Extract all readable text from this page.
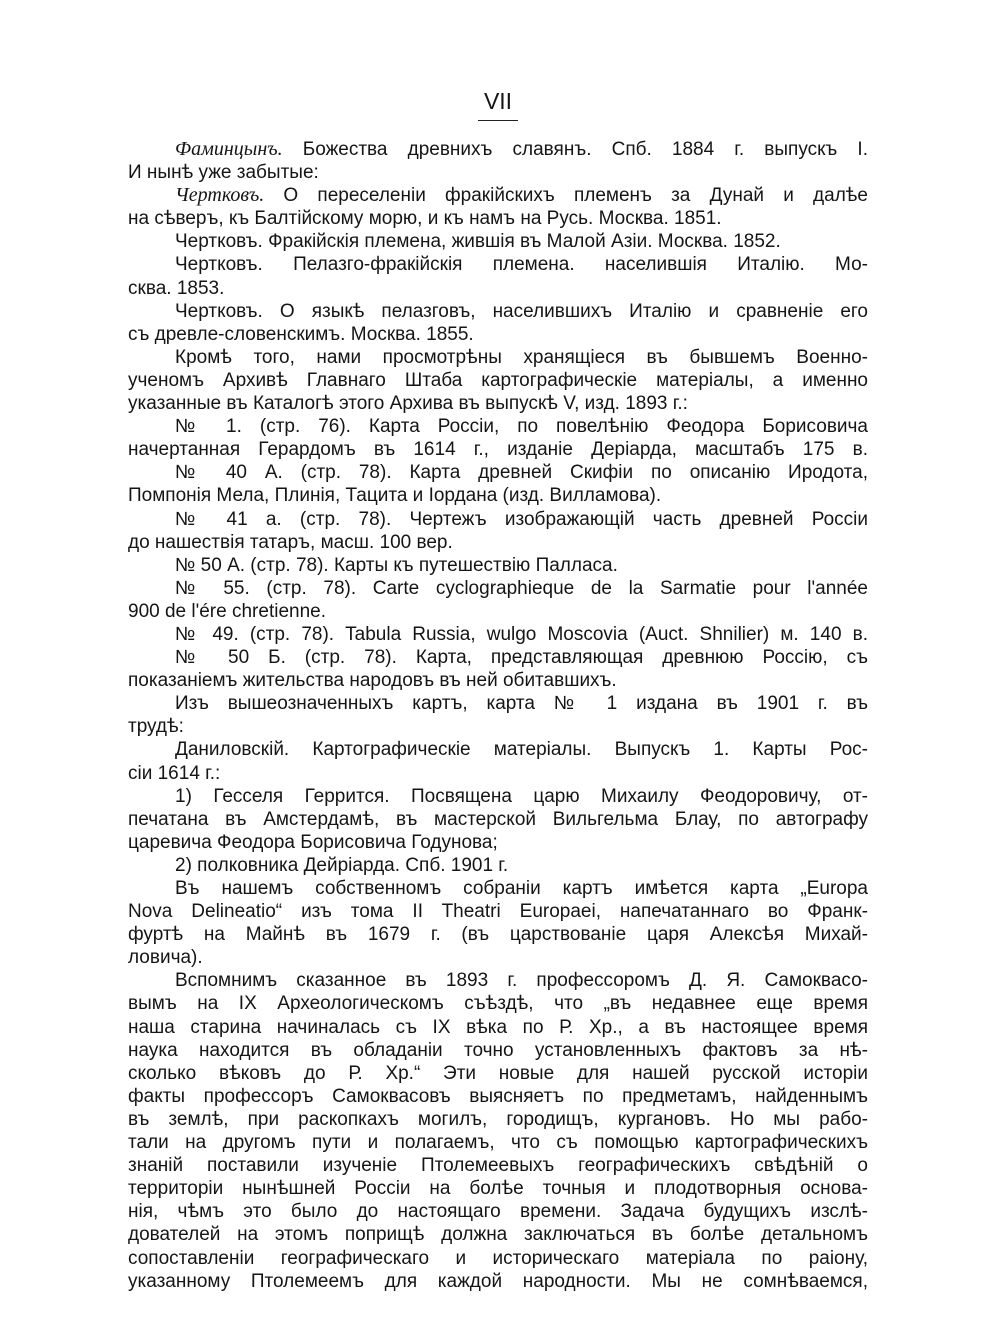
VII
Фаминцынъ. Божества древнихъ славянъ. Спб. 1884 г. выпускъ I.
И нынѣ уже забытые:
Чертковъ. О переселенiи фракiйскихъ племенъ за Дунай и далѣе
на сѣверъ, къ Балтiйскому морю, и къ намъ на Русь. Москва. 1851.
Чертковъ. Фракiйскiя племена, жившiя въ Малой Азiи. Москва. 1852.
Чертковъ. Пелазго-фракiйскiя племена. населившiя Италiю. Мо-
сква. 1853.
Чертковъ. О языкѣ пелазговъ, населившихъ Италiю и сравненiе его
съ древле-словенскимъ. Москва. 1855.
Кромѣ того, нами просмотрѣны хранящiеся въ бывшемъ Военно-
ученомъ Архивѣ Главнаго Штаба картографическiе матерiалы, а именно
указанные въ Каталогѣ этого Архива въ выпускѣ V, изд. 1893 г.:
№ 1. (стр. 76). Карта Россiи, по повелѣнiю Феодора Борисовича
начертанная Герардомъ въ 1614 г., изданiе Дерiарда, масштабъ 175 в.
№ 40 А. (стр. 78). Карта древней Скифiи по описанiю Иродота,
Помпонiя Мела, Плинiя, Тацита и Iордана (изд. Вилламова).
№ 41 а. (стр. 78). Чертежъ изображающiй часть древней Россiи
до нашествiя татаръ, масш. 100 вер.
№ 50 А. (стр. 78). Карты къ путешествiю Палласа.
№ 55. (стр. 78). Carte cyclographieque de la Sarmatie pour l'année
900 de l'ére chretienne.
№ 49. (стр. 78). Tabula Russia, wulgo Moscovia (Auct. Shnilier) м. 140 в.
№ 50 Б. (стр. 78). Карта, представляющая древнюю Россiю, съ
показанiемъ жительства народовъ въ ней обитавшихъ.
Изъ вышеозначенныхъ картъ, карта № 1 издана въ 1901 г. въ
трудѣ:
Даниловскiй. Картографическiе матерiалы. Выпускъ 1. Карты Рос-
сiи 1614 г.:
1) Гесселя Геррится. Посвящена царю Михаилу Феодоровичу, от-
печатана въ Амстердамѣ, въ мастерской Вильгельма Блау, по автографу
царевича Феодора Борисовича Годунова;
2) полковника Дейрiарда. Спб. 1901 г.
Въ нашемъ собственномъ собранiи картъ имѣется карта „Europa
Nova Delineatio“ изъ тома II Theatri Europaei, напечатаннаго во Франк-
фуртѣ на Майнѣ въ 1679 г. (въ царствованiе царя Алексѣя Михай-
ловича).
Вспомнимъ сказанное въ 1893 г. профессоромъ Д. Я. Самоквасо-
вымъ на IX Археологическомъ съѣздѣ, что „въ недавнее еще время
наша старина начиналась съ IX вѣка по Р. Хр., а въ настоящее время
наука находится въ обладанiи точно установленныхъ фактовъ за нѣ-
сколько вѣковъ до Р. Хр.“ Эти новые для нашей русской исторiи
факты профессоръ Самоквасовъ выясняетъ по предметамъ, найденнымъ
въ землѣ, при раскопкахъ могилъ, городищъ, кургановъ. Но мы рабо-
тали на другомъ пути и полагаемъ, что съ помощью картографическихъ
знанiй поставили изученiе Птолемеевыхъ географическихъ свѣдѣнiй о
территорiи нынѣшней Россiи на болѣе точныя и плодотворныя основа-
нiя, чѣмъ это было до настоящаго времени. Задача будущихъ изслѣ-
дователей на этомъ поприщѣ должна заключаться въ болѣе детальномъ
сопоставленiи географическаго и историческаго матерiала по раiону,
указанному Птолемеемъ для каждой народности. Мы не сомнѣваемся,
